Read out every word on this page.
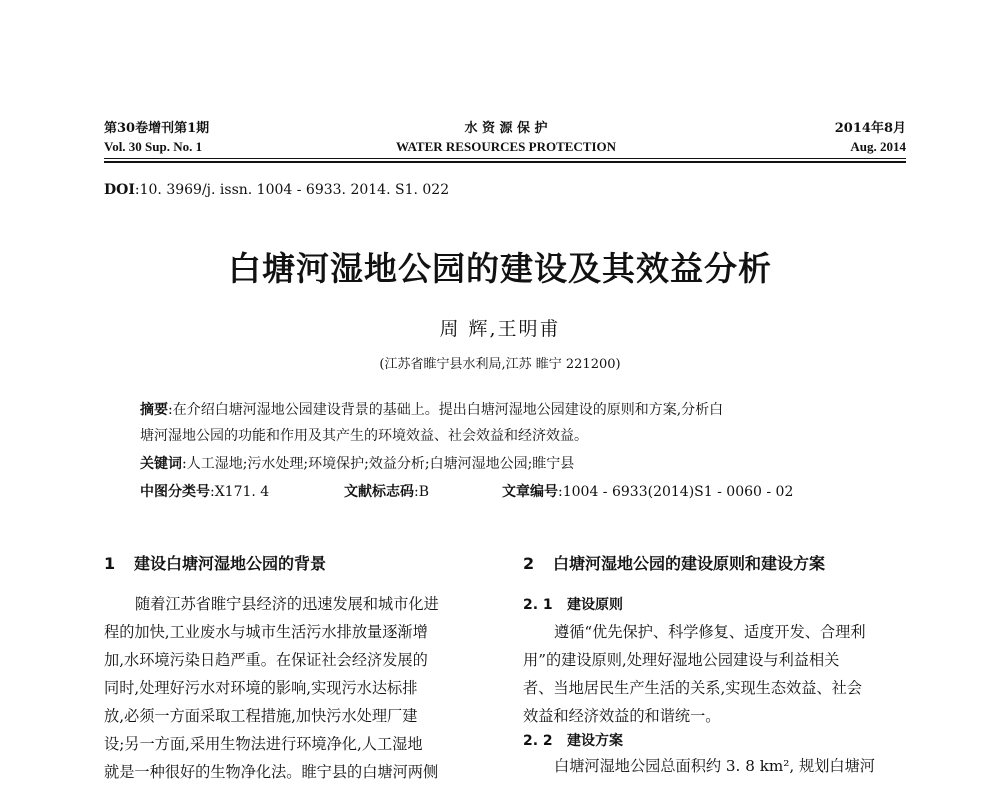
第30卷增刊第1期
Vol. 30 Sup. No. 1
水 资 源 保 护
WATER RESOURCES PROTECTION
2014年8月
Aug. 2014
DOI:10. 3969/j. issn. 1004 - 6933. 2014. S1. 022
白塘河湿地公园的建设及其效益分析
周 辉,王明甫
(江苏省睢宁县水利局,江苏 睢宁 221200)
摘要:在介绍白塘河湿地公园建设背景的基础上。提出白塘河湿地公园建设的原则和方案,分析白
塘河湿地公园的功能和作用及其产生的环境效益、社会效益和经济效益。
关键词:人工湿地;污水处理;环境保护;效益分析;白塘河湿地公园;睢宁县
中图分类号:X171. 4	文献标志码:B	文章编号:1004 - 6933(2014)S1 - 0060 - 02
1 建设白塘河湿地公园的背景
随着江苏省睢宁县经济的迅速发展和城市化进
程的加快,工业废水与城市生活污水排放量逐渐增
加,水环境污染日趋严重。在保证社会经济发展的
同时,处理好污水对环境的影响,实现污水达标排
放,必须一方面采取工程措施,加快污水处理厂建
设;另一方面,采用生物法进行环境净化,人工湿地
就是一种很好的生物净化法。睢宁县的白塘河两侧
2 白塘河湿地公园的建设原则和建设方案
2. 1 建设原则
遵循“优先保护、科学修复、适度开发、合理利
用”的建设原则,处理好湿地公园建设与利益相关
者、当地居民生产生活的关系,实现生态效益、社会
效益和经济效益的和谐统一。
2. 2 建设方案
白塘河湿地公园总面积约 3. 8 km², 规划白塘河
